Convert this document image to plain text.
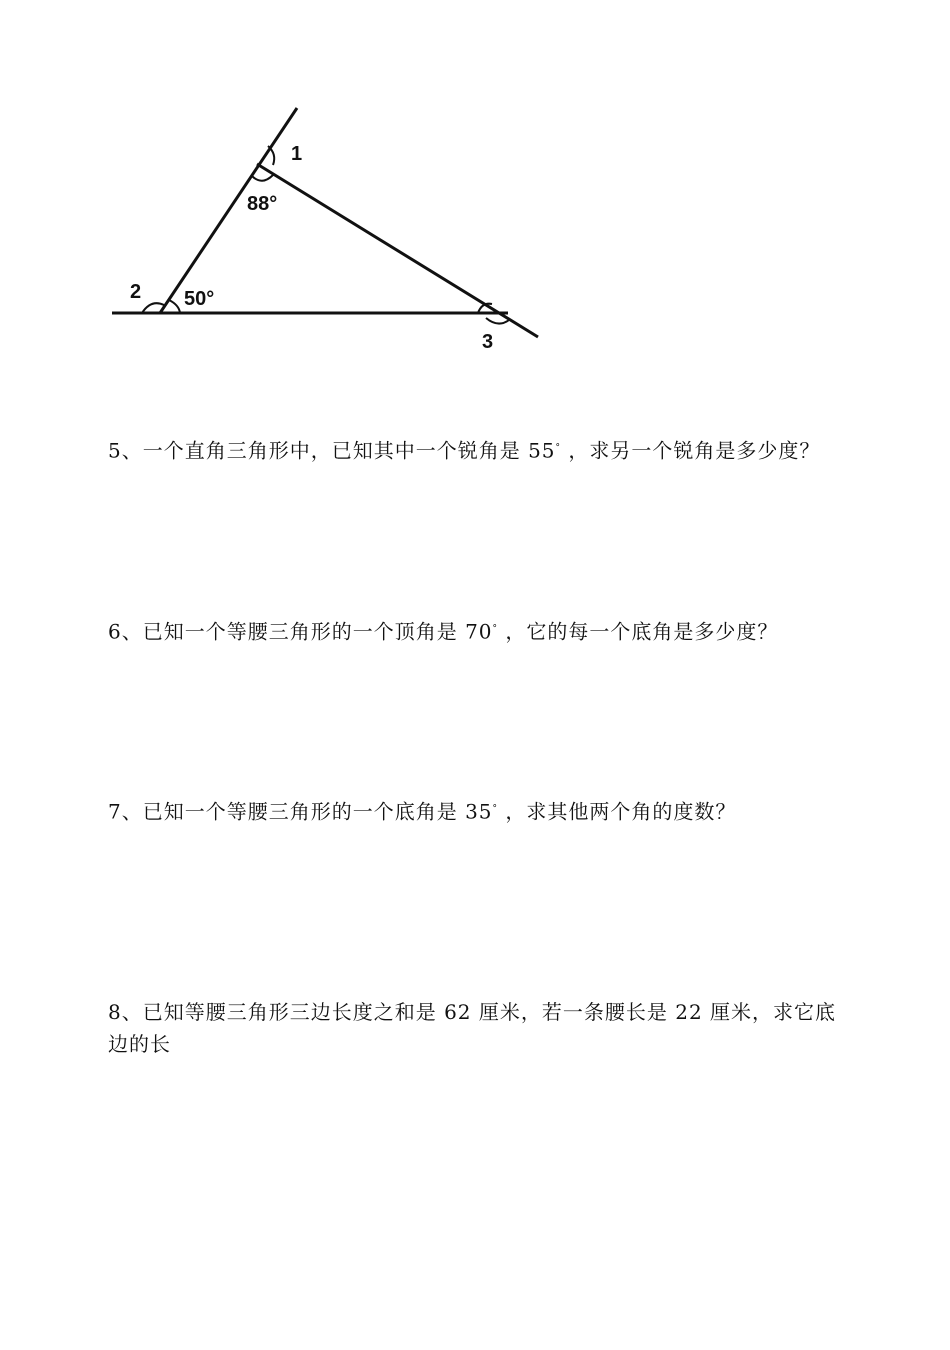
1
88°
2 50°
3
5、一个直角三角形中，已知其中一个锐角是 55° ，求另一个锐角是多少度？
6、已知一个等腰三角形的一个顶角是 70° ，它的每一个底角是多少度？
7、已知一个等腰三角形的一个底角是 35° ，求其他两个角的度数？
8、已知等腰三角形三边长度之和是 62 厘米，若一条腰长是 22 厘米，求它底边的长
